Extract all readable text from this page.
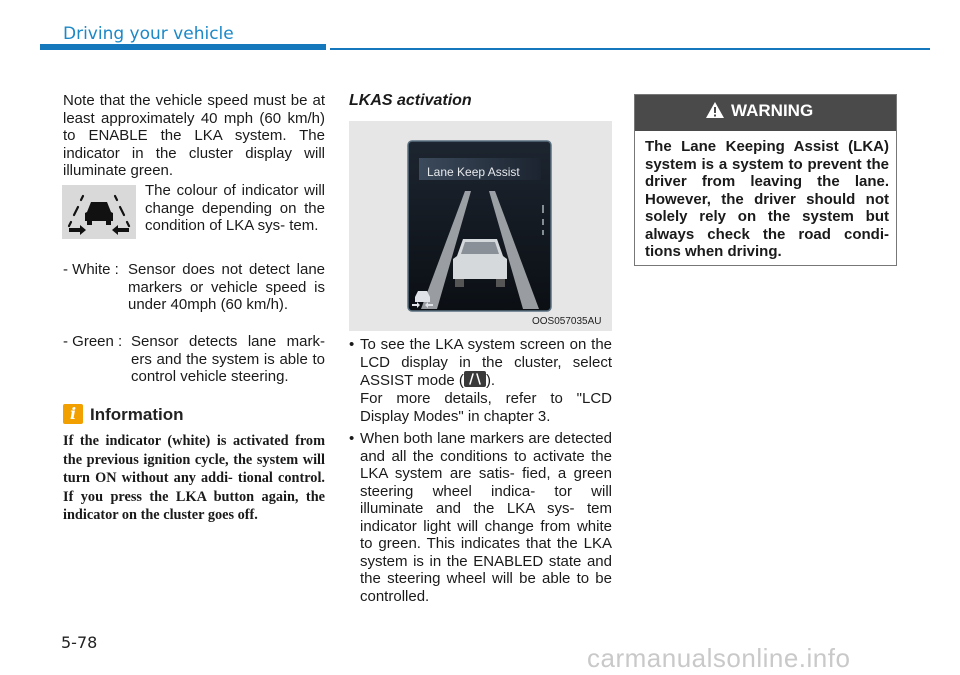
Driving your vehicle
Note that the vehicle speed must be at least approximately 40 mph (60 km/h) to ENABLE the LKA system. The indicator in the cluster display will illuminate green.
The colour of indicator will change depending on the condition of LKA sys- tem.
- White : Sensor does not detect lane markers or vehicle speed is under 40mph (60 km/h).
- Green : Sensor detects lane mark- ers and the system is able to control vehicle steering.
i Information
If the indicator (white) is activated from the previous ignition cycle, the system will turn ON without any addi- tional control. If you press the LKA button again, the indicator on the cluster goes off.
LKAS activation
Lane Keep Assist
OOS057035AU
• To see the LKA system screen on the LCD display in the cluster, select ASSIST mode ( ).
For more details, refer to "LCD Display Modes" in chapter 3.
• When both lane markers are detected and all the conditions to activate the LKA system are satis- fied, a green steering wheel indica- tor will illuminate and the LKA sys- tem indicator light will change from white to green. This indicates that the LKA system is in the ENABLED state and the steering wheel will be able to be controlled.
WARNING
The Lane Keeping Assist (LKA) system is a system to prevent the driver from leaving the lane. However, the driver should not solely rely on the system but always check the road condi- tions when driving.
5-78
carmanualsonline.info
